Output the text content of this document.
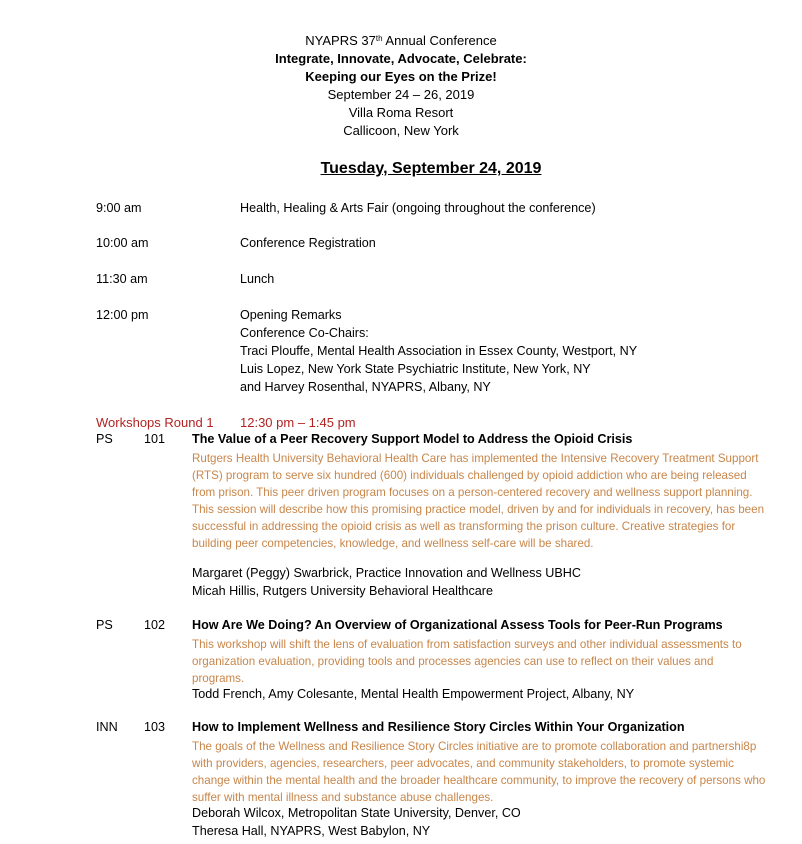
NYAPRS 37th Annual Conference
Integrate, Innovate, Advocate, Celebrate:
Keeping our Eyes on the Prize!
September 24 – 26, 2019
Villa Roma Resort
Callicoon, New York
Tuesday, September 24, 2019
9:00 am	Health, Healing & Arts Fair (ongoing throughout the conference)
10:00 am	Conference Registration
11:30 am	Lunch
12:00 pm	Opening Remarks
Conference Co-Chairs:
Traci Plouffe, Mental Health Association in Essex County, Westport, NY
Luis Lopez, New York State Psychiatric Institute, New York, NY
and Harvey Rosenthal, NYAPRS, Albany, NY
Workshops Round 1 12:30 pm – 1:45 pm
PS 101 The Value of a Peer Recovery Support Model to Address the Opioid Crisis
Rutgers Health University Behavioral Health Care has implemented the Intensive Recovery Treatment Support (RTS) program to serve six hundred (600) individuals challenged by opioid addiction who are being released from prison. This peer driven program focuses on a person-centered recovery and wellness support planning. This session will describe how this promising practice model, driven by and for individuals in recovery, has been successful in addressing the opioid crisis as well as transforming the prison culture. Creative strategies for building peer competencies, knowledge, and wellness self-care will be shared.
Margaret (Peggy) Swarbrick, Practice Innovation and Wellness UBHC
Micah Hillis, Rutgers University Behavioral Healthcare
PS 102 How Are We Doing? An Overview of Organizational Assess Tools for Peer-Run Programs
This workshop will shift the lens of evaluation from satisfaction surveys and other individual assessments to organization evaluation, providing tools and processes agencies can use to reflect on their values and programs.
Todd French, Amy Colesante, Mental Health Empowerment Project, Albany, NY
INN 103 How to Implement Wellness and Resilience Story Circles Within Your Organization
The goals of the Wellness and Resilience Story Circles initiative are to promote collaboration and partnershi8p with providers, agencies, researchers, peer advocates, and community stakeholders, to promote systemic change within the mental health and the broader healthcare community, to improve the recovery of persons who suffer with mental illness and substance abuse challenges.
Deborah Wilcox, Metropolitan State University, Denver, CO
Theresa Hall, NYAPRS, West Babylon, NY
